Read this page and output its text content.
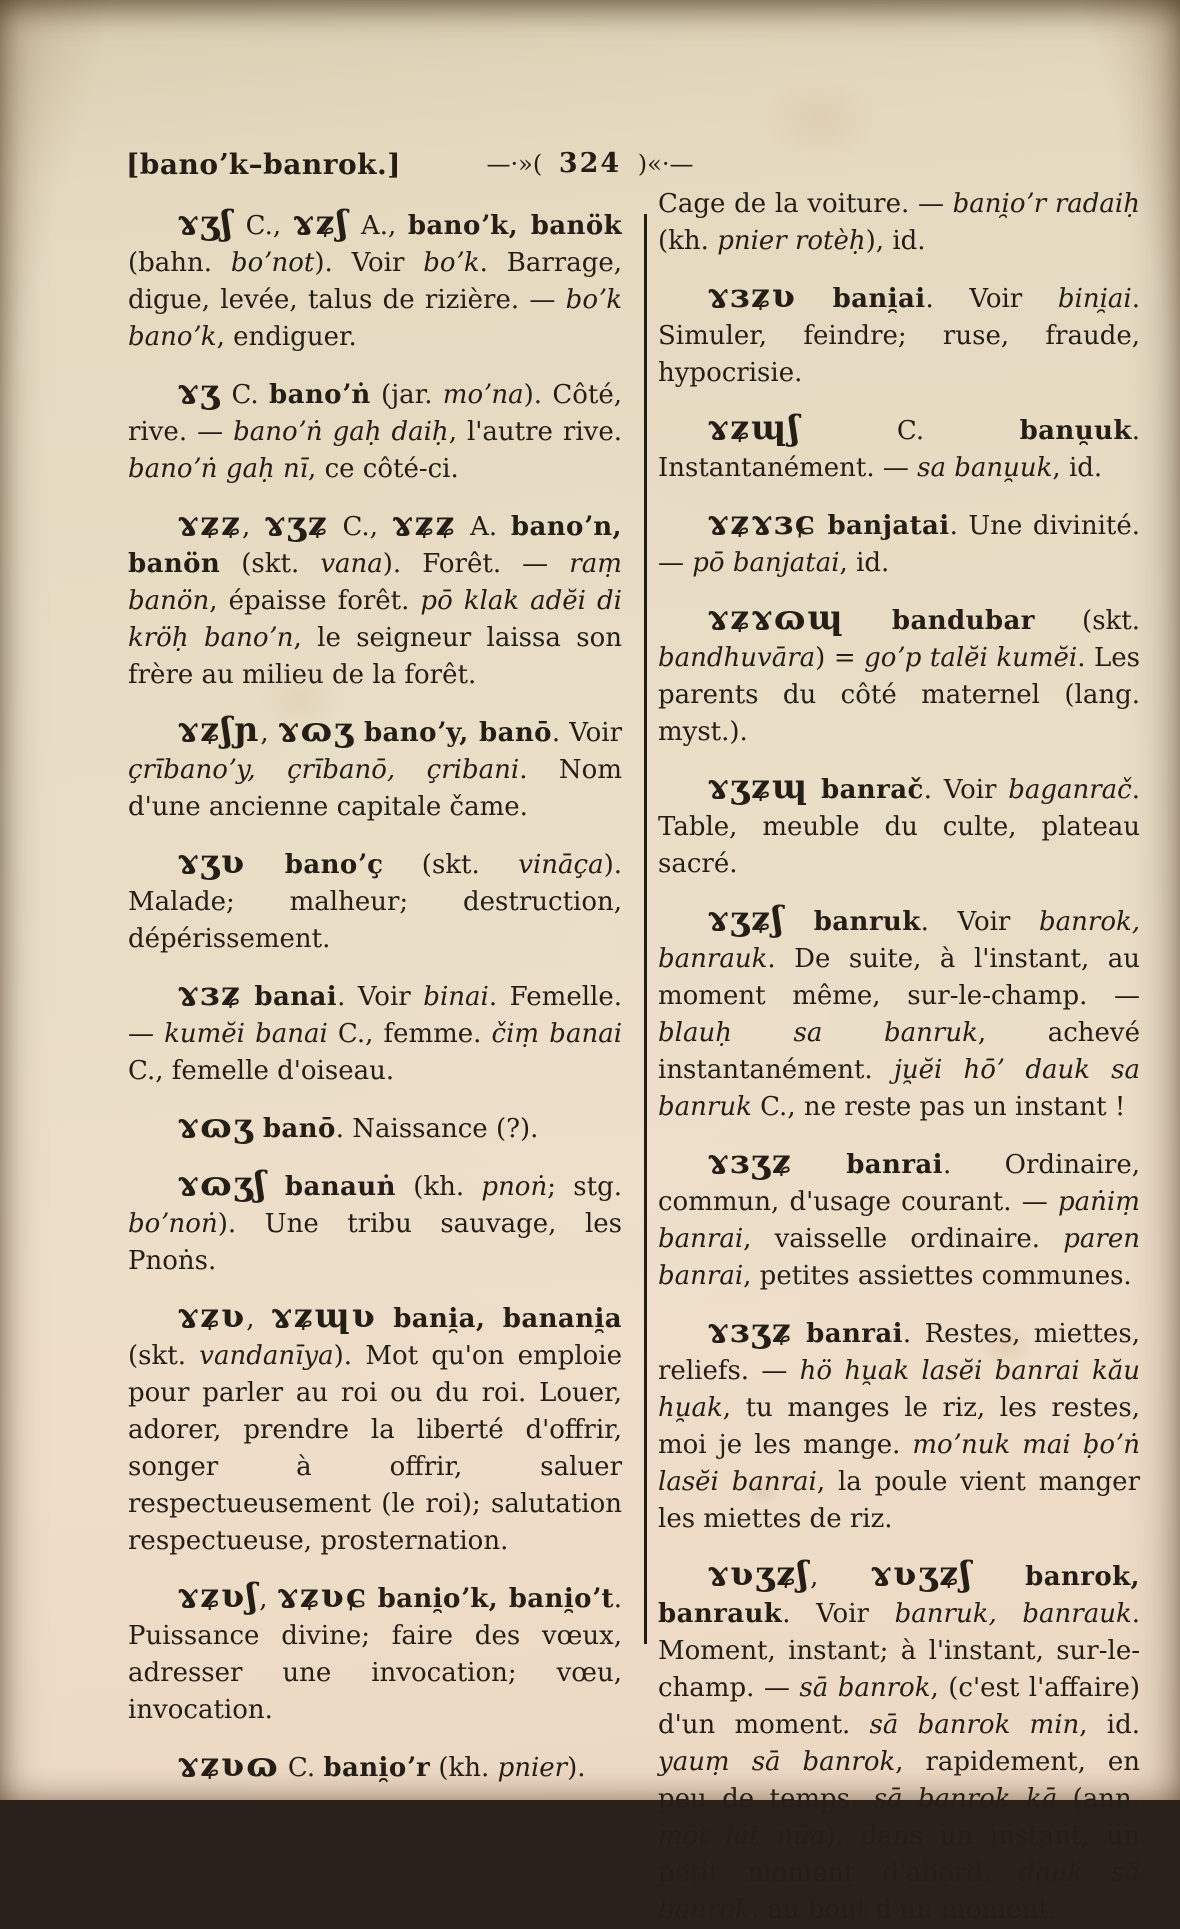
[banoʼk–banrok.]	—·»( 324 )«·—

ɤʒʃ C., ɤʑʃ A., banoʼk, banök (bahn. boʼnot). Voir boʼk. Barrage, digue, levée, talus de rizière. — boʼk banoʼk, endiguer.

ɤʒ C. banoʼṅ (jar. moʼna). Côté, rive. — banoʼṅ gaḥ daiḥ, l'autre rive. banoʼṅ gaḥ nī, ce côté-ci.

ɤʑʑ, ɤʒʑ C., ɤʑʑ A. banoʼn, banön (skt. vana). Forêt. — raṃ banön, épaisse forêt. pō klak adĕi di kröḥ banoʼn, le seigneur laissa son frère au milieu de la forêt.

ɤʑʃɲ, ɤɷʒ banoʼy, banō. Voir çrībanoʼy, çrībanō, çribani. Nom d'une ancienne capitale čame.

ɤʒʋ banoʼç (skt. vināça). Malade; malheur; destruction, dépérissement.

ɤɜʑ banai. Voir binai. Femelle. — kumĕi banai C., femme. čiṃ banai C., femelle d'oiseau.

ɤɷʒ banō. Naissance (?).

ɤɷʒʃ banauṅ (kh. pnoṅ; stg. boʼnoṅ). Une tribu sauvage, les Pnoṅs.

ɤʑʋ, ɤʑɰʋ bani̯a, banani̯a (skt. vandanīya). Mot qu'on emploie pour parler au roi ou du roi. Louer, adorer, prendre la liberté d'offrir, songer à offrir, saluer respectueusement (le roi); salutation respectueuse, prosternation.

ɤʑʋʃ, ɤʑʋɕ bani̯oʼk, bani̯oʼt. Puissance divine; faire des vœux, adresser une invocation; vœu, invocation.

ɤʑʋɷ C. bani̯oʼr (kh. pnier).

Cage de la voiture. — bani̯oʼr radaiḥ (kh. pnier rotèḥ), id.

ɤɜʑʋ bani̯ai. Voir bini̯ai. Simuler, feindre; ruse, fraude, hypocrisie.

ɤʑɰʃ C. banu̯uk. Instantanément. — sa banu̯uk, id.

ɤʑɤɜɕ banjatai. Une divinité. — pō banjatai, id.

ɤʑɤɷɰ bandubar (skt. bandhuvāra) = goʼp talĕi kumĕi. Les parents du côté maternel (lang. myst.).

ɤʒʑɰ banrač. Voir baganrač. Table, meuble du culte, plateau sacré.

ɤʒʑʃ banruk. Voir banrok, banrauk. De suite, à l'instant, au moment même, sur-le-champ. — blauḥ sa banruk, achevé instantanément. ju̯ĕi hōʼ dauk sa banruk C., ne reste pas un instant !

ɤɜʒʑ banrai. Ordinaire, commun, d'usage courant. — paṅiṃ banrai, vaisselle ordinaire. paren banrai, petites assiettes communes.

ɤɜʒʑ banrai. Restes, miettes, reliefs. — hö hu̯ak lasĕi banrai kău hu̯ak, tu manges le riz, les restes, moi je les mange. moʼnuk mai ḅoʼṅ lasĕi banrai, la poule vient manger les miettes de riz.

ɤʋʒʑʃ, ɤʋʒʑʃ banrok, banrauk. Voir banruk, banrauk. Moment, instant; à l'instant, sur-le-champ. — sā banrok, (c'est l'affaire) d'un moment. sā banrok min, id. yauṃ sā banrok, rapidement, en peu de temps. sā banrok kā (ann. một lát nữa), dans un instant, un petit moment d'abord. dauk sā banrok, au bout d'un moment.
